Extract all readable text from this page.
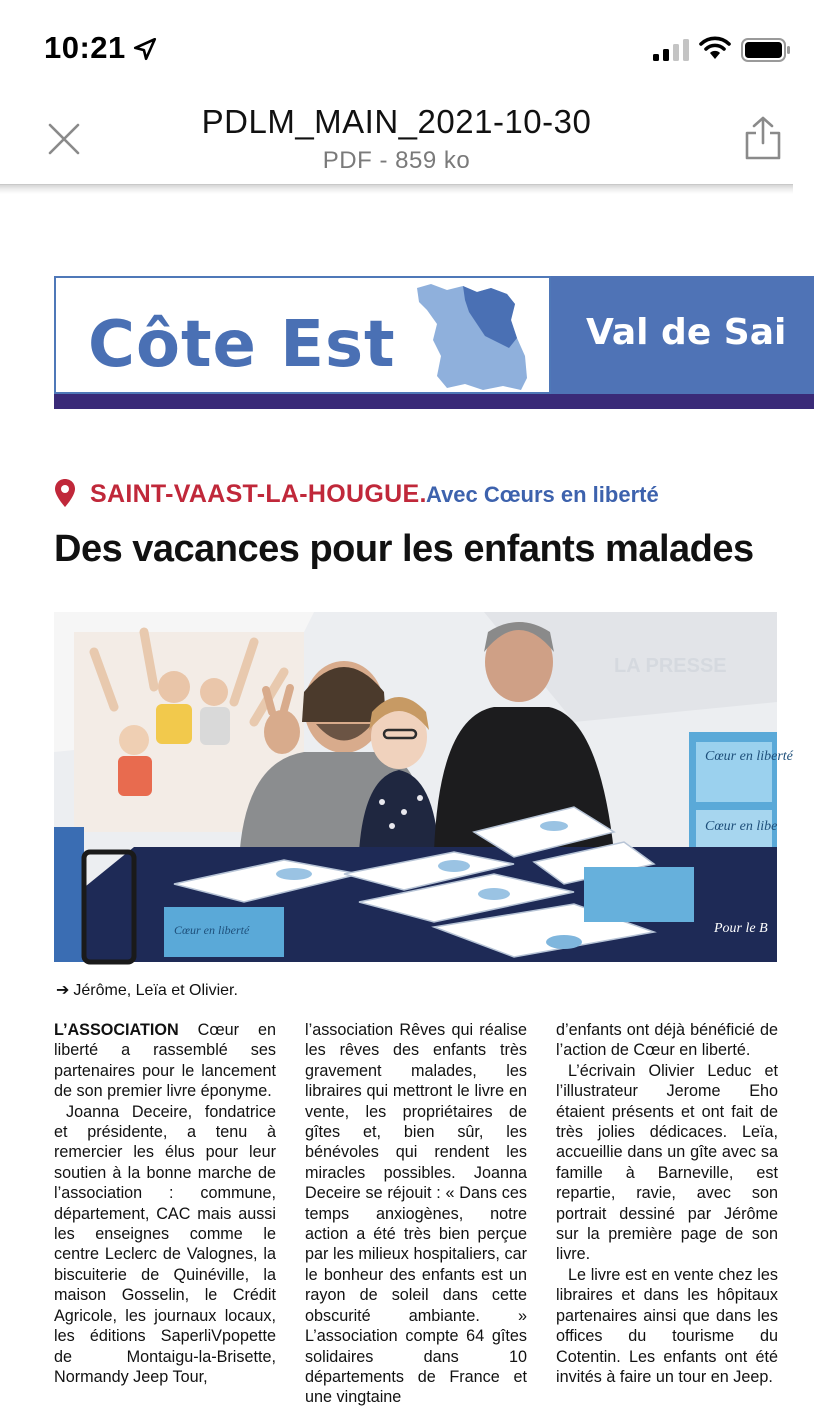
10:21
PDLM_MAIN_2021-10-30
PDF - 859 ko
Côte Est	Val de Sai
SAINT-VAAST-LA-HOUGUE. Avec Cœurs en liberté
Des vacances pour les enfants malades
Cœur en liberté
Cœur en libe
LA PRESSE
Cœur en liberté	Pour le B
➔ Jérôme, Leïa et Olivier.

L’ASSOCIATION Cœur en liberté a rassemblé ses partenaires pour le lancement de son premier livre éponyme.

Joanna Deceire, fondatrice et présidente, a tenu à remercier les élus pour leur soutien à la bonne marche de l’association : commune, département, CAC mais aussi les enseignes comme le centre Leclerc de Valognes, la biscuiterie de Quinéville, la maison Gosselin, le Crédit Agricole, les journaux locaux, les éditions SaperliVpopette de Montaigu-la-Brisette, Normandy Jeep Tour,

l’association Rêves qui réalise les rêves des enfants très gravement malades, les libraires qui mettront le livre en vente, les propriétaires de gîtes et, bien sûr, les bénévoles qui rendent les miracles possibles. Joanna Deceire se réjouit : « Dans ces temps anxiogènes, notre action a été très bien perçue par les milieux hospitaliers, car le bonheur des enfants est un rayon de soleil dans cette obscurité ambiante. » L’association compte 64 gîtes solidaires dans 10 départements de France et une vingtaine

d’enfants ont déjà bénéficié de l’action de Cœur en liberté.

L’écrivain Olivier Leduc et l’illustrateur Jerome Eho étaient présents et ont fait de très jolies dédicaces. Leïa, accueillie dans un gîte avec sa famille à Barneville, est repartie, ravie, avec son portrait dessiné par Jérôme sur la première page de son livre.

Le livre est en vente chez les libraires et dans les hôpitaux partenaires ainsi que dans les offices du tourisme du Cotentin. Les enfants ont été invités à faire un tour en Jeep.
